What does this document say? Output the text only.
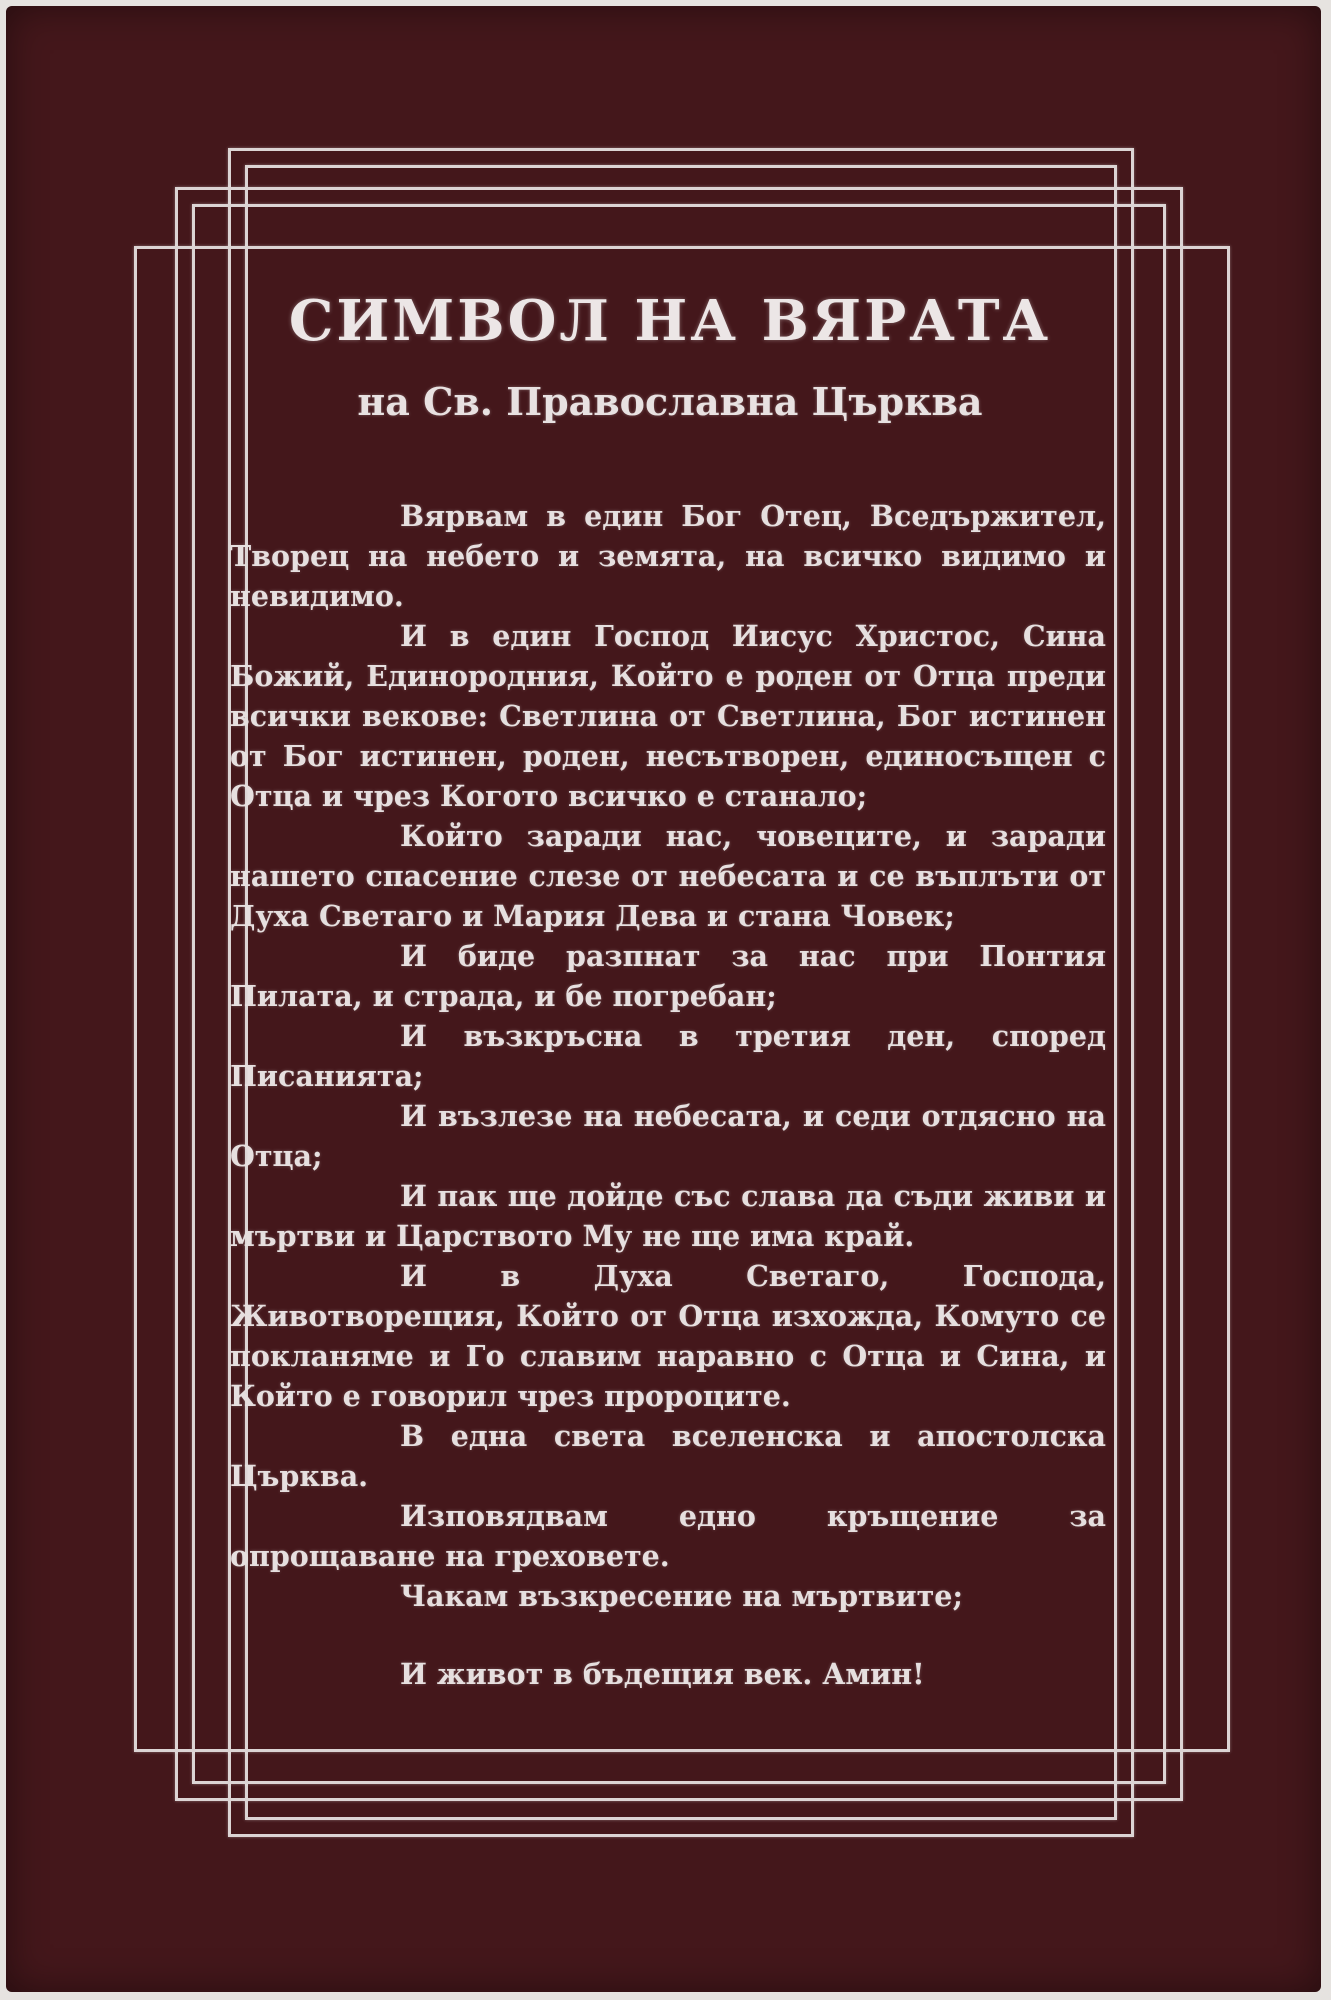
СИМВОЛ НА ВЯРАТА
на Св. Православна Църква

Вярвам в един Бог Отец, Вседържител, Творец на небето и земята, на всичко видимо и невидимо.

И в един Господ Иисус Христос, Сина Божий, Единородния, Който е роден от Отца преди всички векове: Светлина от Светлина, Бог истинен от Бог истинен, роден, несътворен, единосъщен с Отца и чрез Когото всичко е станало;

Който заради нас, човеците, и заради нашето спасение слезе от небесата и се въплъти от Духа Светаго и Мария Дева и стана Човек;

И биде разпнат за нас при Понтия Пилата, и страда, и бе погребан;

И възкръсна в третия ден, според Писанията;

И възлезе на небесата, и седи отдясно на Отца;

И пак ще дойде със слава да съди живи и мъртви и Царството Му не ще има край.

И в Духа Светаго, Господа, Животворещия, Който от Отца изхожда, Комуто се покланяме и Го славим наравно с Отца и Сина, и Който е говорил чрез пророците.

В една света вселенска и апостолска Църква.

Изповядвам едно кръщение за опрощаване на греховете.

Чакам възкресение на мъртвите;

И живот в бъдещия век. Амин!
